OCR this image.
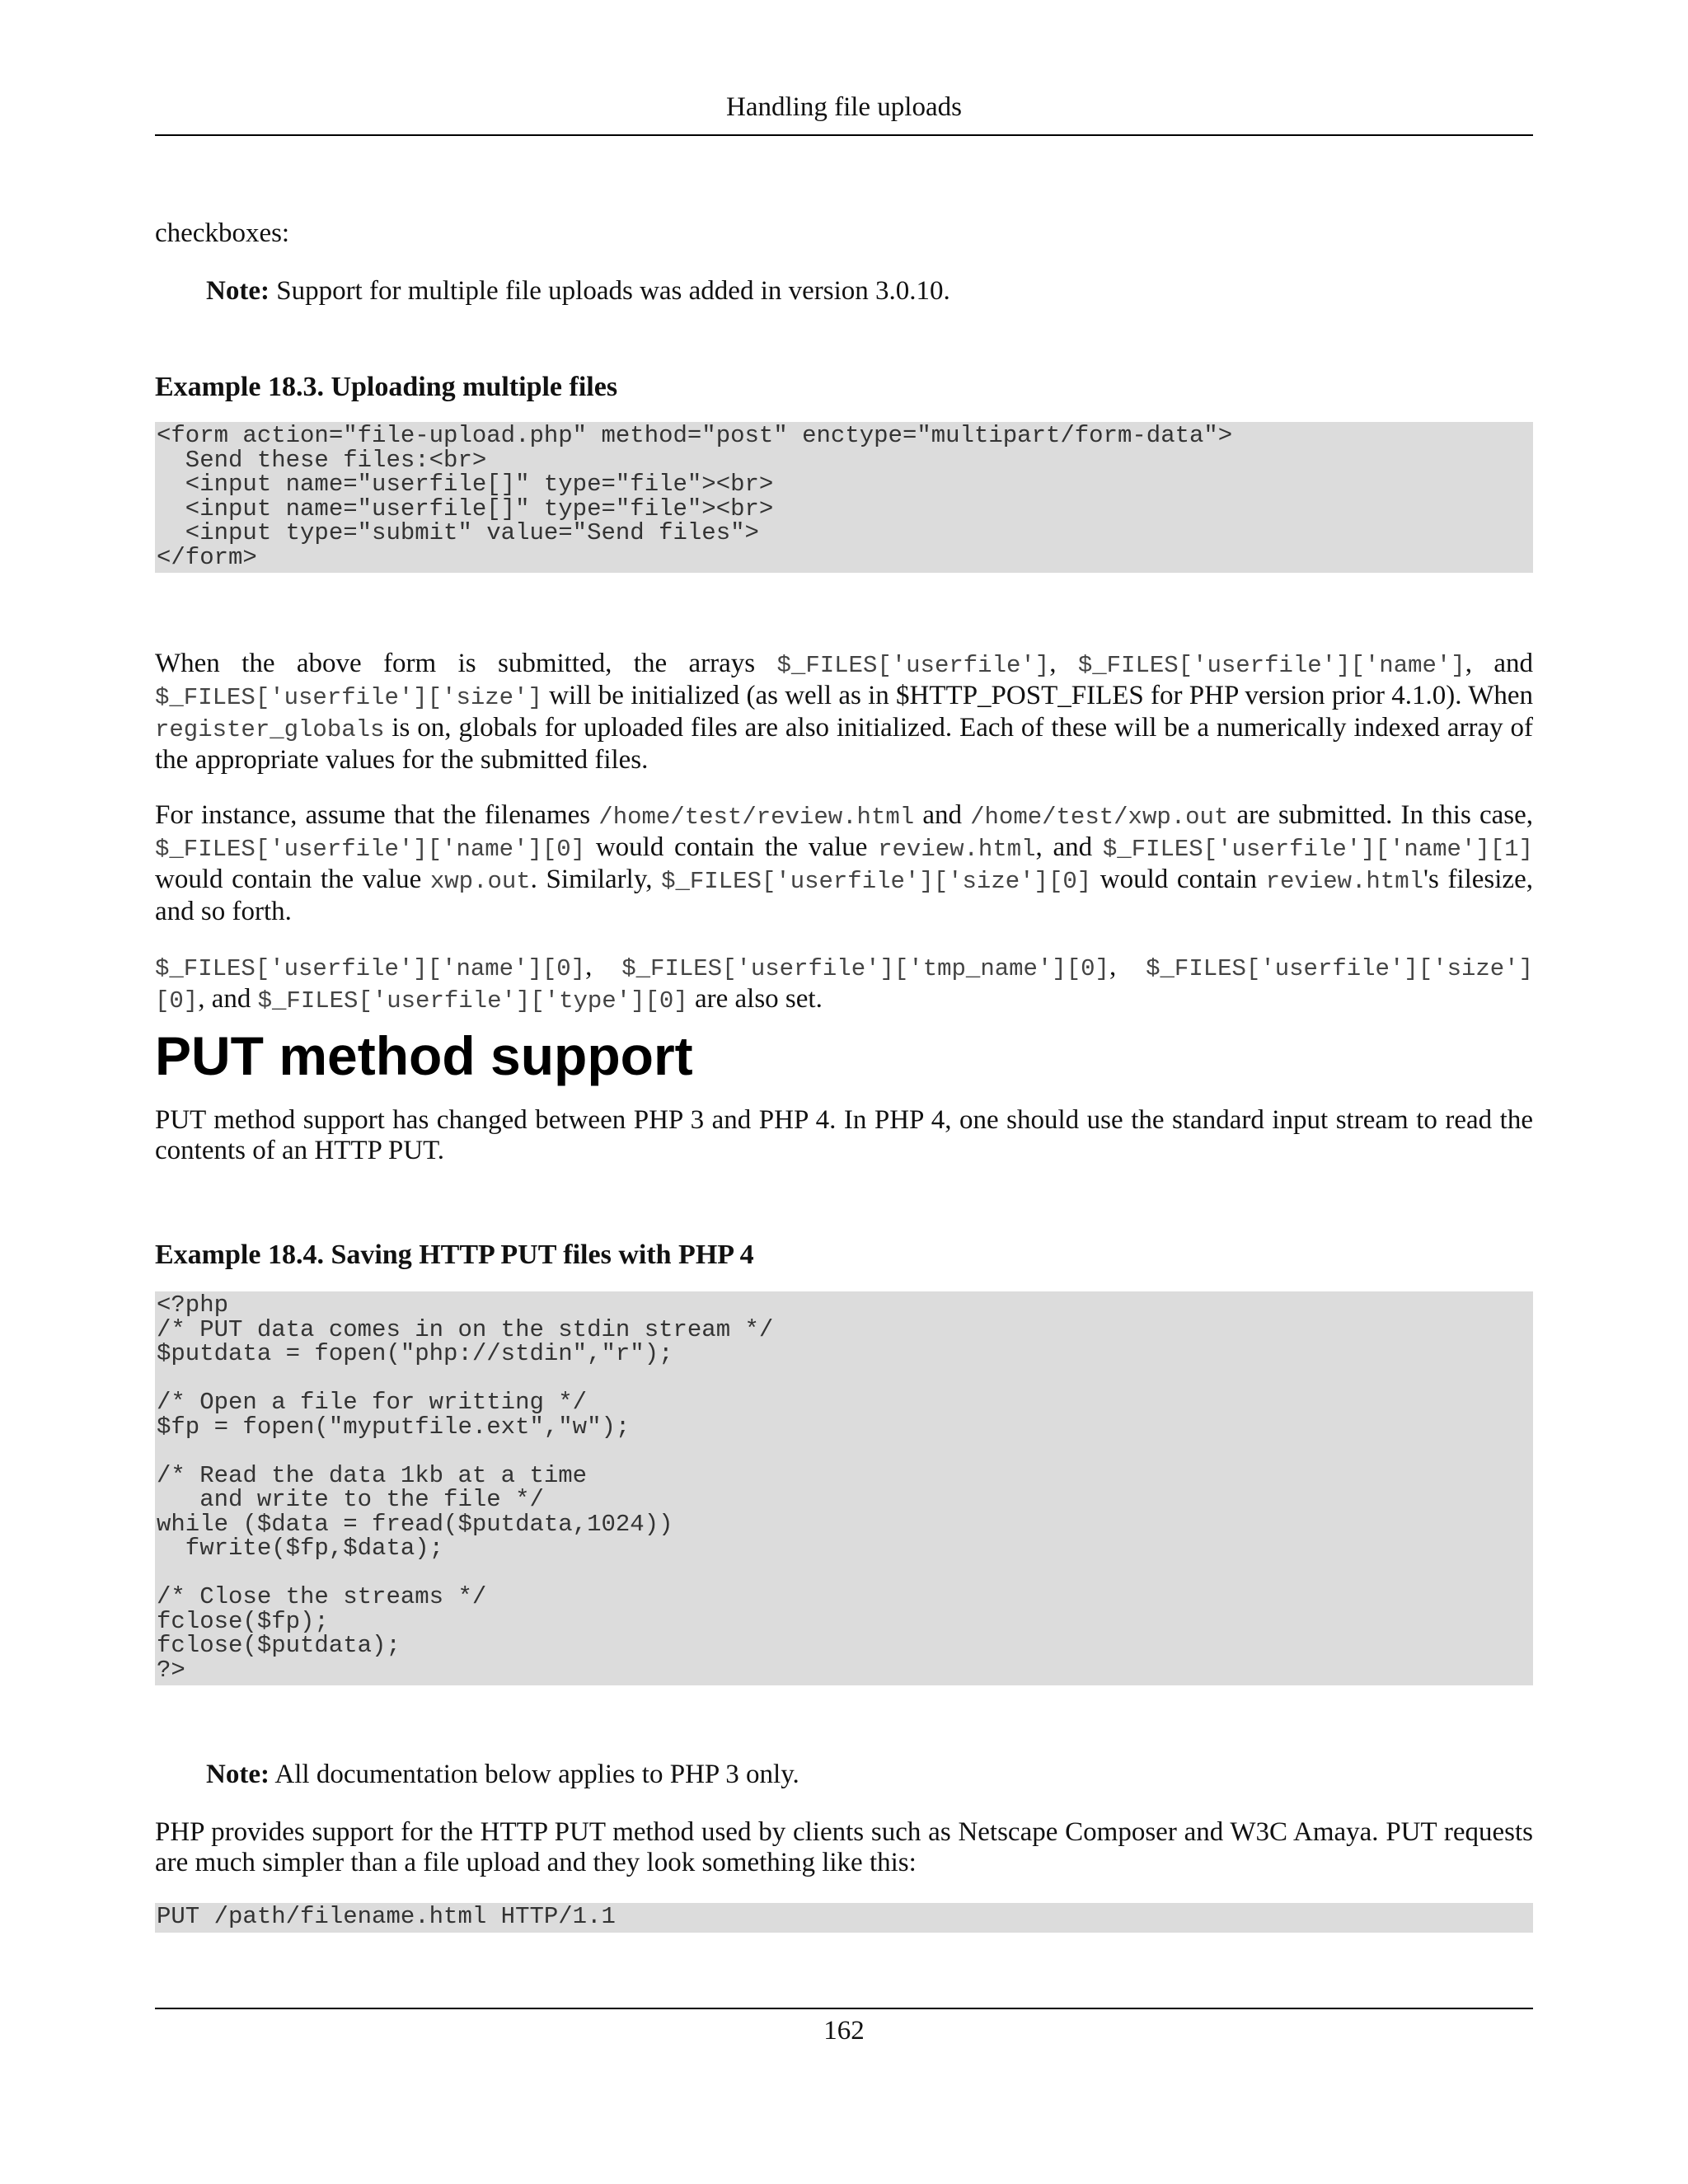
Handling file uploads

checkboxes:

Note: Support for multiple file uploads was added in version 3.0.10.

Example 18.3. Uploading multiple files
<form action="file-upload.php" method="post" enctype="multipart/form-data">
Send these files:<br>
<input name="userfile[]" type="file"><br>
<input name="userfile[]" type="file"><br>
<input type="submit" value="Send files">
</form>

When the above form is submitted, the arrays $_FILES['userfile'], $_FILES['userfile']['name'], and $_FILES['userfile']['size'] will be initialized (as well as in $HTTP_POST_FILES for PHP version prior 4.1.0). When register_globals is on, globals for uploaded files are also initialized. Each of these will be a numerically indexed array of the appropriate values for the submitted files.

For instance, assume that the filenames /home/test/review.html and /home/test/xwp.out are submitted. In this case, $_FILES['userfile']['name'][0] would contain the value review.html, and $_FILES['userfile']['name'][1] would contain the value xwp.out. Similarly, $_FILES['userfile']['size'][0] would contain review.html's filesize, and so forth.

$_FILES['userfile']['name'][0], $_FILES['userfile']['tmp_name'][0], $_FILES['userfile']['size'][0], and $_FILES['userfile']['type'][0] are also set.

PUT method support

PUT method support has changed between PHP 3 and PHP 4. In PHP 4, one should use the standard input stream to read the contents of an HTTP PUT.

Example 18.4. Saving HTTP PUT files with PHP 4
<?php
/* PUT data comes in on the stdin stream */
$putdata = fopen("php://stdin","r");

/* Open a file for writting */
$fp = fopen("myputfile.ext","w");

/* Read the data 1kb at a time
and write to the file */
while ($data = fread($putdata,1024))
fwrite($fp,$data);

/* Close the streams */
fclose($fp);
fclose($putdata);
?>

Note: All documentation below applies to PHP 3 only.

PHP provides support for the HTTP PUT method used by clients such as Netscape Composer and W3C Amaya. PUT requests are much simpler than a file upload and they look something like this:

PUT /path/filename.html HTTP/1.1
162
